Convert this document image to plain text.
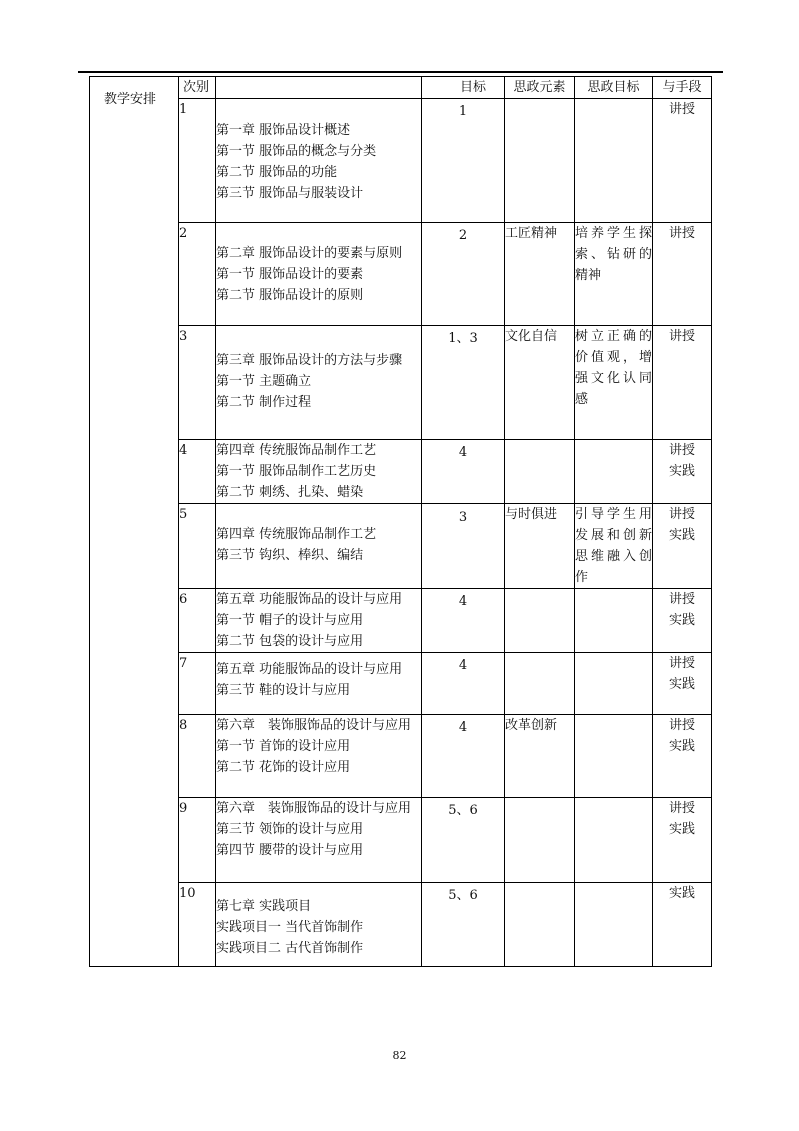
教学安排	次别		目标	思政元素	思政目标	与手段
	1	第一章 服饰品设计概述
第一节 服饰品的概念与分类
第二节 服饰品的功能
第三节 服饰品与服装设计	1			讲授

	2	第二章 服饰品设计的要素与原则
第一节 服饰品设计的要素
第二节 服饰品设计的原则	2	工匠精神	培养学生探索、钻研的精神	讲授

	3	第三章 服饰品设计的方法与步骤
第一节 主题确立
第二节 制作过程	1、3	文化自信	树立正确的价值观，增强文化认同感	讲授

	4	第四章 传统服饰品制作工艺
第一节 服饰品制作工艺历史
第二节 刺绣、扎染、蜡染	4			讲授
实践

	5	第四章 传统服饰品制作工艺
第三节 钩织、棒织、编结	3	与时俱进	引导学生用发展和创新思维融入创作	讲授
实践

	6	第五章 功能服饰品的设计与应用
第一节 帽子的设计与应用
第二节 包袋的设计与应用	4			讲授
实践

	7	第五章 功能服饰品的设计与应用
第三节 鞋的设计与应用	4			讲授
实践

	8	第六章　装饰服饰品的设计与应用
第一节 首饰的设计应用
第二节 花饰的设计应用	4	改革创新		讲授
实践

	9	第六章　装饰服饰品的设计与应用
第三节 领饰的设计与应用
第四节 腰带的设计与应用	5、6			讲授
实践

	10	第七章 实践项目
实践项目一 当代首饰制作
实践项目二 古代首饰制作	5、6			实践
82
